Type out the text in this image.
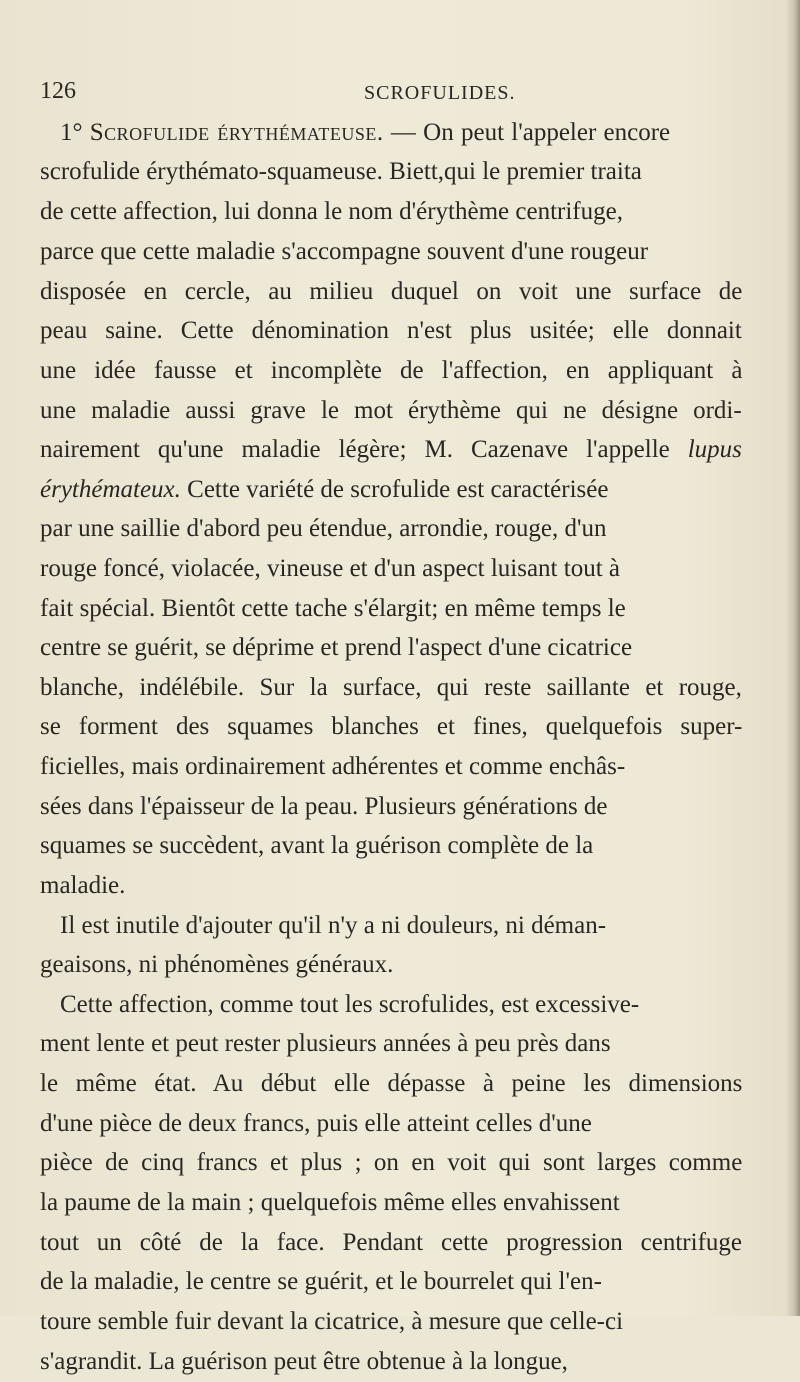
126	SCROFULIDES.
1° Scrofulide érythémateuse. — On peut l'appeler encore
scrofulide érythémato-squameuse. Biett,qui le premier traita
de cette affection, lui donna le nom d'érythème centrifuge,
parce que cette maladie s'accompagne souvent d'une rougeur
disposée en cercle, au milieu duquel on voit une surface de
peau saine. Cette dénomination n'est plus usitée; elle donnait
une idée fausse et incomplète de l'affection, en appliquant à
une maladie aussi grave le mot érythème qui ne désigne ordi-
nairement qu'une maladie légère; M. Cazenave l'appelle lupus
érythémateux. Cette variété de scrofulide est caractérisée
par une saillie d'abord peu étendue, arrondie, rouge, d'un
rouge foncé, violacée, vineuse et d'un aspect luisant tout à
fait spécial. Bientôt cette tache s'élargit; en même temps le
centre se guérit, se déprime et prend l'aspect d'une cicatrice
blanche, indélébile. Sur la surface, qui reste saillante et rouge,
se forment des squames blanches et fines, quelquefois super-
ficielles, mais ordinairement adhérentes et comme enchâs-
sées dans l'épaisseur de la peau. Plusieurs générations de
squames se succèdent, avant la guérison complète de la
maladie.
Il est inutile d'ajouter qu'il n'y a ni douleurs, ni déman-
geaisons, ni phénomènes généraux.
Cette affection, comme tout les scrofulides, est excessive-
ment lente et peut rester plusieurs années à peu près dans
le même état. Au début elle dépasse à peine les dimensions
d'une pièce de deux francs, puis elle atteint celles d'une
pièce de cinq francs et plus ; on en voit qui sont larges comme
la paume de la main ; quelquefois même elles envahissent
tout un côté de la face. Pendant cette progression centrifuge
de la maladie, le centre se guérit, et le bourrelet qui l'en-
toure semble fuir devant la cicatrice, à mesure que celle-ci
s'agrandit. La guérison peut être obtenue à la longue,
